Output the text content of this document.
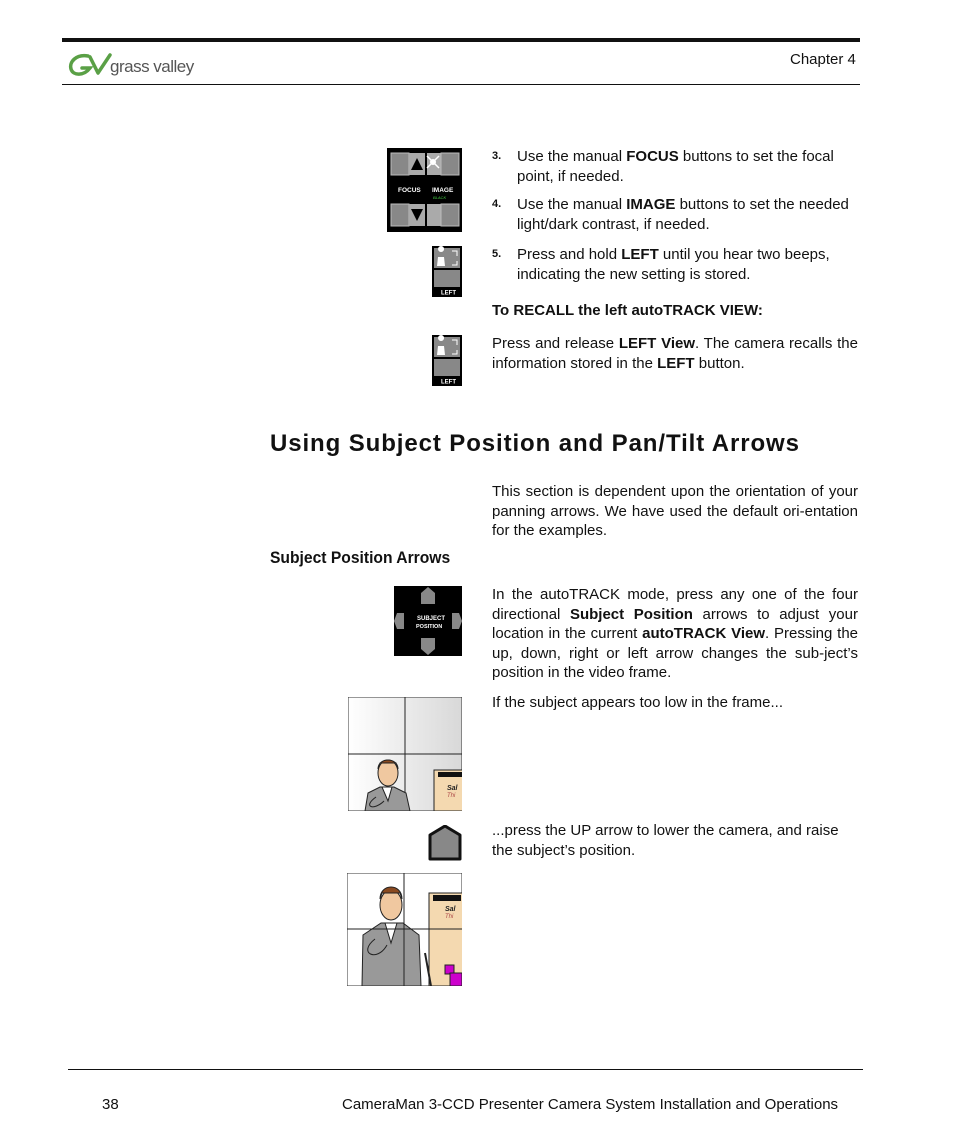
grass valley	Chapter 4
FOCUS IMAGE
BLACK
3. Use the manual FOCUS buttons to set the focal point, if needed.
4. Use the manual IMAGE buttons to set the needed light/dark contrast, if needed.
LEFT
5. Press and hold LEFT until you hear two beeps, indicating the new setting is stored.
To RECALL the left autoTRACK VIEW:
LEFT
Press and release LEFT View. The camera recalls the information stored in the LEFT button.
Using Subject Position and Pan/Tilt Arrows
This section is dependent upon the orientation of your panning arrows. We have used the default ori-entation for the examples.
Subject Position Arrows
SUBJECT
POSITION
In the autoTRACK mode, press any one of the four directional Subject Position arrows to adjust your location in the current autoTRACK View. Pressing the up, down, right or left arrow changes the sub-ject’s position in the video frame.
Sal
Thi
If the subject appears too low in the frame...
...press the UP arrow to lower the camera, and raise the subject’s position.
Sal
Thi
38	CameraMan 3-CCD Presenter Camera System Installation and Operations
